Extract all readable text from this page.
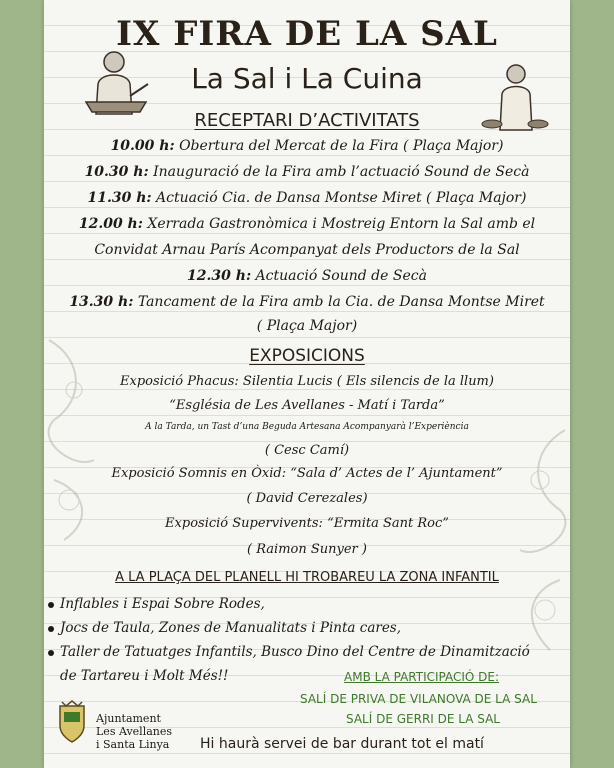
IX FIRA DE LA SAL
La Sal i La Cuina
RECEPTARI D’ACTIVITATS
10.00 h: Obertura del Mercat de la Fira ( Plaça Major)
10.30 h: Inauguració de la Fira amb l’actuació Sound de Secà
11.30 h: Actuació Cia. de Dansa Montse Miret ( Plaça Major)
12.00 h: Xerrada Gastronòmica i Mostreig Entorn la Sal amb el
Convidat Arnau París Acompanyat dels Productors de la Sal
12.30 h: Actuació Sound de Secà
13.30 h: Tancament de la Fira amb la Cia. de Dansa Montse Miret
( Plaça Major)
EXPOSICIONS
Exposició Phacus: Silentia Lucis ( Els silencis de la llum)
“Església de Les Avellanes - Matí i Tarda”
A la Tarda, un Tast d’una Beguda Artesana Acompanyarà l’Experiència
( Cesc Camí)
Exposició Somnis en Òxid: “Sala d’ Actes de l’ Ajuntament”
( David Cerezales)
Exposició Supervivents: “Ermita Sant Roc”
( Raimon Sunyer )
A LA PLAÇA DEL PLANELL HI TROBAREU LA ZONA INFANTIL
Inflables i Espai Sobre Rodes,
Jocs de Taula, Zones de Manualitats i Pinta cares,
Taller de Tatuatges Infantils, Busco Dino del Centre de Dinamització
de Tartareu i Molt Més!!	AMB LA PARTICIPACIÓ DE:
SALÍ DE PRIVA DE VILANOVA DE LA SAL
SALÍ DE GERRI DE LA SAL
Ajuntament
Les Avellanes
i Santa Linya Hi haurà servei de bar durant tot el matí
